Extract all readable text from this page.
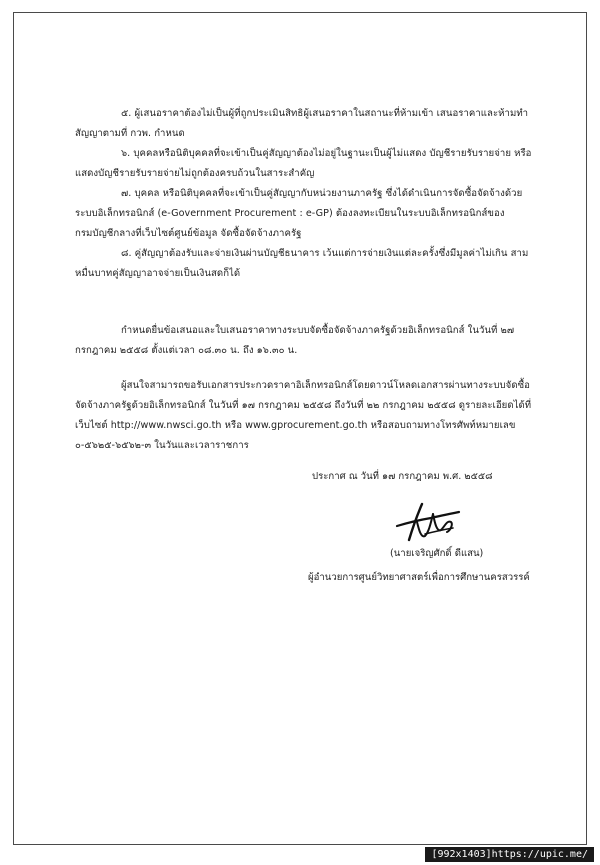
๕. ผู้เสนอราคาต้องไม่เป็นผู้ที่ถูกประเมินสิทธิผู้เสนอราคาในสถานะที่ห้ามเข้า เสนอราคาและห้ามทำ

สัญญาตามที่ กวพ. กำหนด

๖. บุคคลหรือนิติบุคคลที่จะเข้าเป็นคู่สัญญาต้องไม่อยู่ในฐานะเป็นผู้ไม่แสดง บัญชีรายรับรายจ่าย หรือ

แสดงบัญชีรายรับรายจ่ายไม่ถูกต้องครบถ้วนในสาระสำคัญ

๗. บุคคล หรือนิติบุคคลที่จะเข้าเป็นคู่สัญญากับหน่วยงานภาครัฐ ซึ่งได้ดำเนินการจัดซื้อจัดจ้างด้วย

ระบบอิเล็กทรอนิกส์ (e-Government Procurement : e-GP) ต้องลงทะเบียนในระบบอิเล็กทรอนิกส์ของ
กรมบัญชีกลางที่เว็บไซต์ศูนย์ข้อมูล จัดซื้อจัดจ้างภาครัฐ

๘. คู่สัญญาต้องรับและจ่ายเงินผ่านบัญชีธนาคาร เว้นแต่การจ่ายเงินแต่ละครั้งซึ่งมีมูลค่าไม่เกิน สาม

หมื่นบาทคู่สัญญาอาจจ่ายเป็นเงินสดก็ได้

กำหนดยื่นข้อเสนอและใบเสนอราคาทางระบบจัดซื้อจัดจ้างภาครัฐด้วยอิเล็กทรอนิกส์ ในวันที่ ๒๗

กรกฎาคม ๒๕๕๘ ตั้งแต่เวลา ๐๘.๓๐ น. ถึง ๑๖.๓๐ น.

ผู้สนใจสามารถขอรับเอกสารประกวดราคาอิเล็กทรอนิกส์โดยดาวน์โหลดเอกสารผ่านทางระบบจัดซื้อ

จัดจ้างภาครัฐด้วยอิเล็กทรอนิกส์ ในวันที่ ๑๗ กรกฎาคม ๒๕๕๘ ถึงวันที่ ๒๒ กรกฎาคม ๒๕๕๘ ดูรายละเอียดได้ที่
เว็บไซต์ http://www.nwsci.go.th หรือ www.gprocurement.go.th หรือสอบถามทางโทรศัพท์หมายเลข
๐-๕๖๒๕-๖๕๖๒-๓ ในวันและเวลาราชการ

ประกาศ ณ วันที่ ๑๗ กรกฎาคม พ.ศ. ๒๕๕๘
(นายเจริญศักดิ์ ดีแสน)
ผู้อำนวยการศูนย์วิทยาศาสตร์เพื่อการศึกษานครสวรรค์
[992x1403]https://upic.me/
